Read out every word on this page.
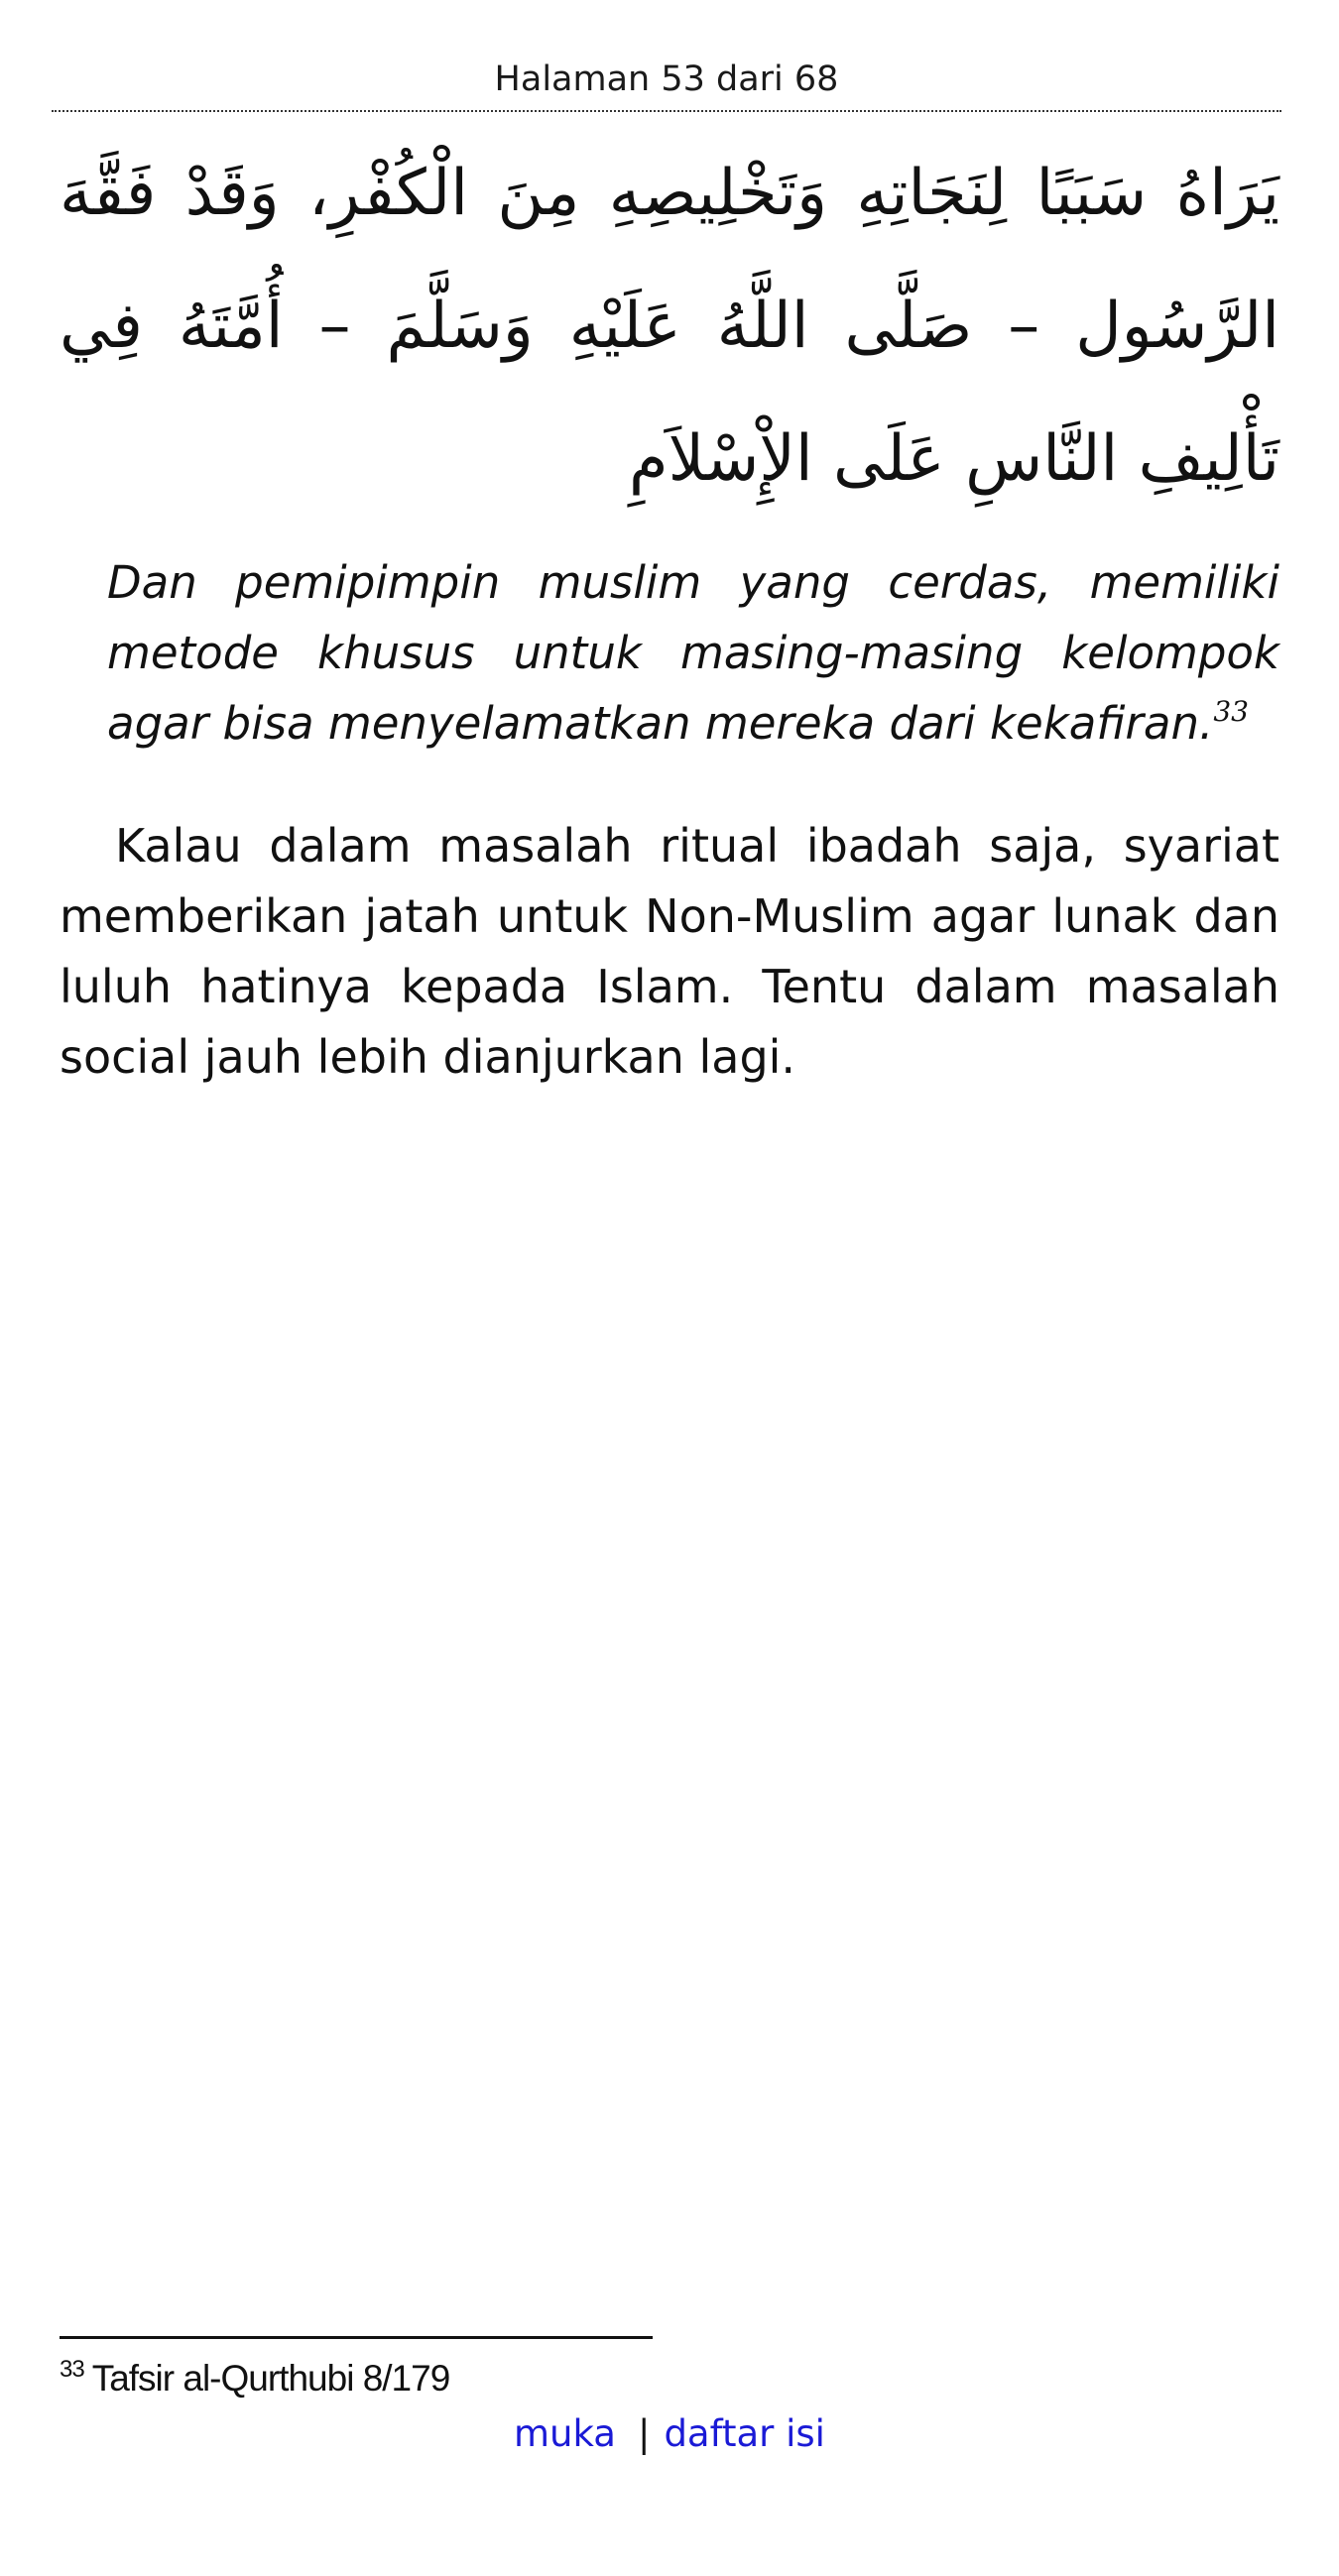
Halaman 53 dari 68
يَرَاهُ سَبَبًا لِنَجَاتِهِ وَتَخْلِيصِهِ مِنَ الْكُفْرِ، وَقَدْ فَقَّهَ الرَّسُول – صَلَّى اللَّهُ عَلَيْهِ وَسَلَّمَ – أُمَّتَهُ فِي تَأْلِيفِ النَّاسِ عَلَى الإِْسْلاَمِ
Dan pemipimpin muslim yang cerdas, memiliki metode khusus untuk masing-masing kelompok agar bisa menyelamatkan mereka dari kekafiran.$^{33}$
Kalau dalam masalah ritual ibadah saja, syariat memberikan jatah untuk Non-Muslim agar lunak dan luluh hatinya kepada Islam. Tentu dalam masalah social jauh lebih dianjurkan lagi.
$^{33}$ Tafsir al-Qurthubi 8/179
muka | daftar isi
